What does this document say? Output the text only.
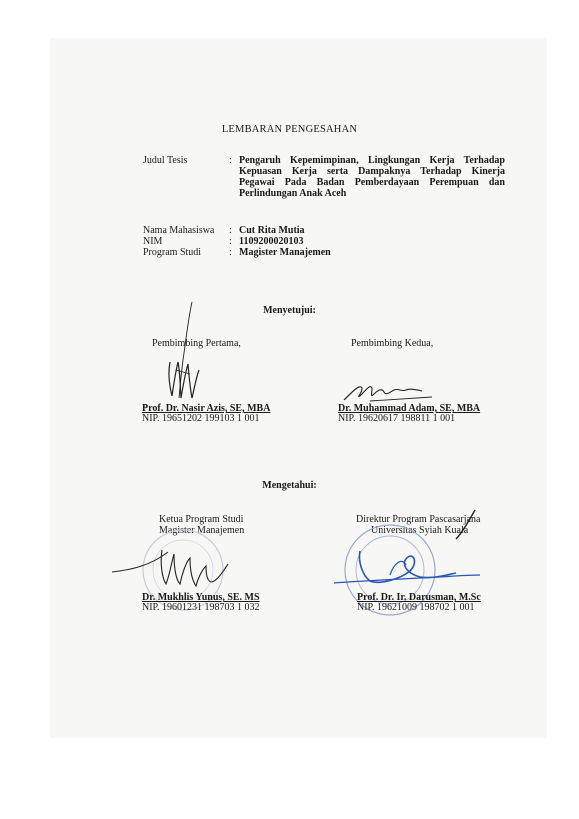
LEMBARAN PENGESAHAN
Judul Tesis	: Pengaruh Kepemimpinan, Lingkungan Kerja Terhadap Kepuasan Kerja serta Dampaknya Terhadap Kinerja Pegawai Pada Badan Pemberdayaan Perempuan dan Perlindungan Anak Aceh
Nama Mahasiswa : Cut Rita Mutia
NIM	: 1109200020103
Program Studi	: Magister Manajemen
Menyetujui:
Pembimbing Pertama,	Pembimbing Kedua,
Prof. Dr. Nasir Azis, SE, MBA
NIP. 19651202 199103 1 001
Dr. Muhammad Adam, SE, MBA
NIP. 19620617 198811 1 001
Mengetahui:
Ketua Program Studi
Magister Manajemen
Direktur Program Pascasarjana
Universitas Syiah Kuala
Dr. Mukhlis Yunus, SE. MS
NIP. 19601231 198703 1 032
Prof. Dr. Ir. Darusman, M.Sc
NIP. 19621009 198702 1 001
